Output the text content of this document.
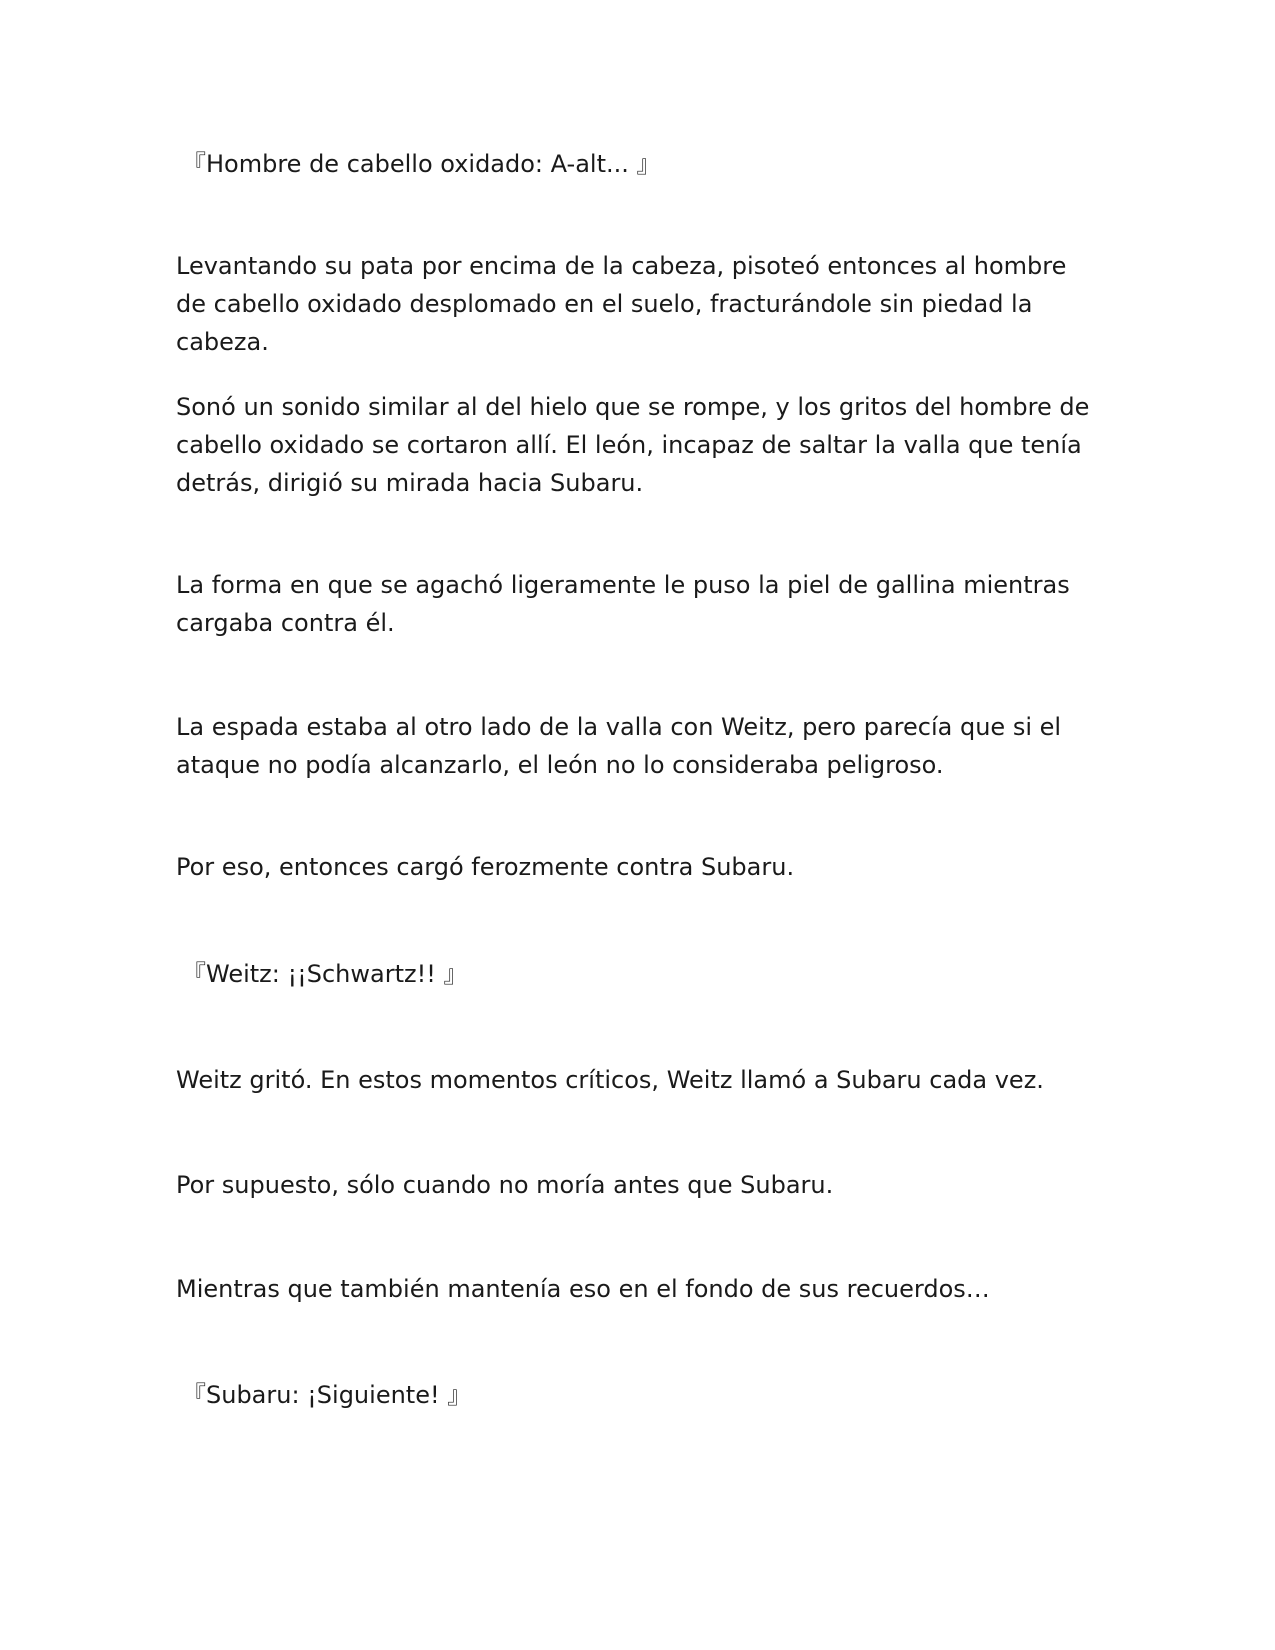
『Hombre de cabello oxidado: A-alt... 』

Levantando su pata por encima de la cabeza, pisoteó entonces al hombre de cabello oxidado desplomado en el suelo, fracturándole sin piedad la cabeza.

Sonó un sonido similar al del hielo que se rompe, y los gritos del hombre de cabello oxidado se cortaron allí. El león, incapaz de saltar la valla que tenía detrás, dirigió su mirada hacia Subaru.

La forma en que se agachó ligeramente le puso la piel de gallina mientras cargaba contra él.

La espada estaba al otro lado de la valla con Weitz, pero parecía que si el ataque no podía alcanzarlo, el león no lo consideraba peligroso.

Por eso, entonces cargó ferozmente contra Subaru.

『Weitz: ¡¡Schwartz!! 』

Weitz gritó. En estos momentos críticos, Weitz llamó a Subaru cada vez.

Por supuesto, sólo cuando no moría antes que Subaru.

Mientras que también mantenía eso en el fondo de sus recuerdos…

『Subaru: ¡Siguiente! 』
